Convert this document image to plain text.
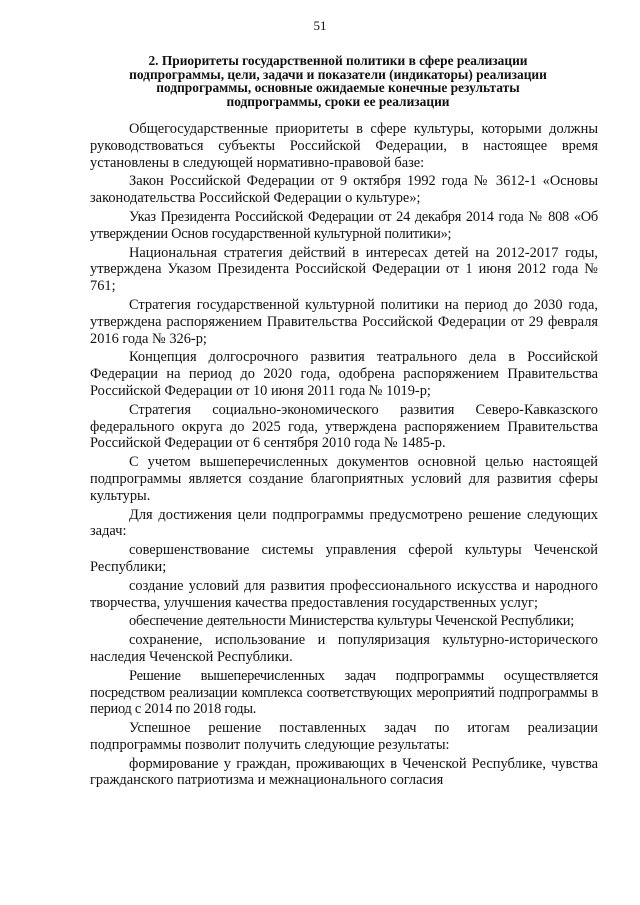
51
2. Приоритеты государственной политики в сфере реализации
подпрограммы, цели, задачи и показатели (индикаторы) реализации
подпрограммы, основные ожидаемые конечные результаты
подпрограммы, сроки ее реализации

Общегосударственные приоритеты в сфере культуры, которыми должны руководствоваться субъекты Российской Федерации, в настоящее время установлены в следующей нормативно-правовой базе:

Закон Российской Федерации от 9 октября 1992 года № 3612-1 «Основы законодательства Российской Федерации о культуре»;

Указ Президента Российской Федерации от 24 декабря 2014 года № 808 «Об утверждении Основ государственной культурной политики»;

Национальная стратегия действий в интересах детей на 2012-2017 годы, утверждена Указом Президента Российской Федерации от 1 июня 2012 года № 761;

Стратегия государственной культурной политики на период до 2030 года, утверждена распоряжением Правительства Российской Федерации от 29 февраля 2016 года № 326-р;

Концепция долгосрочного развития театрального дела в Российской Федерации на период до 2020 года, одобрена распоряжением Правительства Российской Федерации от 10 июня 2011 года № 1019-р;

Стратегия социально-экономического развития Северо-Кавказского федерального округа до 2025 года, утверждена распоряжением Правительства Российской Федерации от 6 сентября 2010 года № 1485-р.

С учетом вышеперечисленных документов основной целью настоящей подпрограммы является создание благоприятных условий для развития сферы культуры.

Для достижения цели подпрограммы предусмотрено решение следующих задач:

совершенствование системы управления сферой культуры Чеченской Республики;

создание условий для развития профессионального искусства и народного творчества, улучшения качества предоставления государственных услуг;

обеспечение деятельности Министерства культуры Чеченской Республики;

сохранение, использование и популяризация культурно-исторического наследия Чеченской Республики.

Решение вышеперечисленных задач подпрограммы осуществляется посредством реализации комплекса соответствующих мероприятий подпрограммы в период с 2014 по 2018 годы.

Успешное решение поставленных задач по итогам реализации подпрограммы позволит получить следующие результаты:

формирование у граждан, проживающих в Чеченской Республике, чувства гражданского патриотизма и межнационального согласия
